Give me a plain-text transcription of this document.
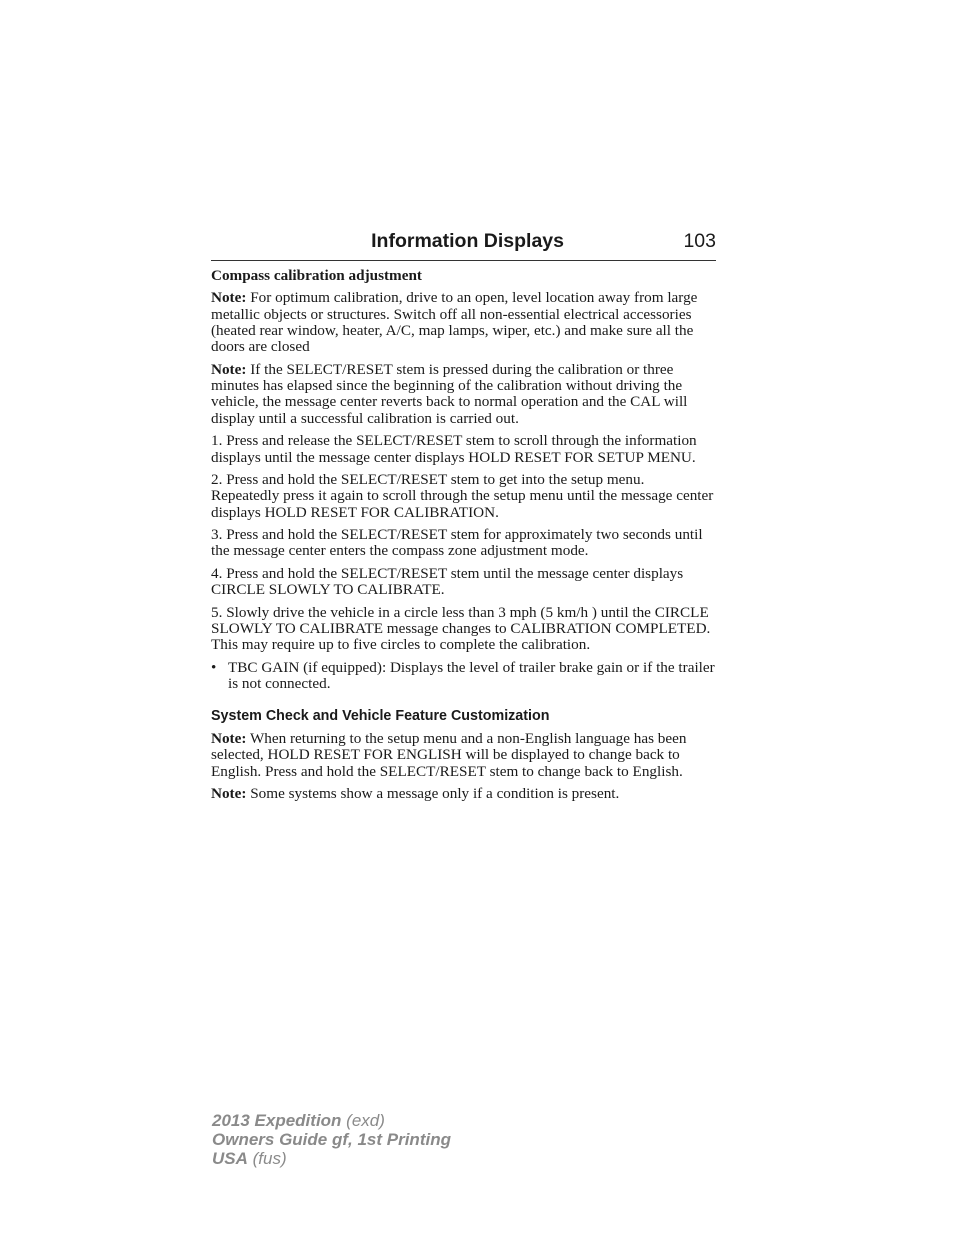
Information Displays	103

Compass calibration adjustment

Note: For optimum calibration, drive to an open, level location away from large metallic objects or structures. Switch off all non-essential electrical accessories (heated rear window, heater, A/C, map lamps, wiper, etc.) and make sure all the doors are closed

Note: If the SELECT/RESET stem is pressed during the calibration or three minutes has elapsed since the beginning of the calibration without driving the vehicle, the message center reverts back to normal operation and the CAL will display until a successful calibration is carried out.

1. Press and release the SELECT/RESET stem to scroll through the information displays until the message center displays HOLD RESET FOR SETUP MENU.

2. Press and hold the SELECT/RESET stem to get into the setup menu. Repeatedly press it again to scroll through the setup menu until the message center displays HOLD RESET FOR CALIBRATION.

3. Press and hold the SELECT/RESET stem for approximately two seconds until the message center enters the compass zone adjustment mode.

4. Press and hold the SELECT/RESET stem until the message center displays CIRCLE SLOWLY TO CALIBRATE.

5. Slowly drive the vehicle in a circle less than 3 mph (5 km/h ) until the CIRCLE SLOWLY TO CALIBRATE message changes to CALIBRATION COMPLETED. This may require up to five circles to complete the calibration.

• TBC GAIN (if equipped): Displays the level of trailer brake gain or if the trailer is not connected.
System Check and Vehicle Feature Customization

Note: When returning to the setup menu and a non-English language has been selected, HOLD RESET FOR ENGLISH will be displayed to change back to English. Press and hold the SELECT/RESET stem to change back to English.

Note: Some systems show a message only if a condition is present.

2013 Expedition (exd)
Owners Guide gf, 1st Printing
USA (fus)
